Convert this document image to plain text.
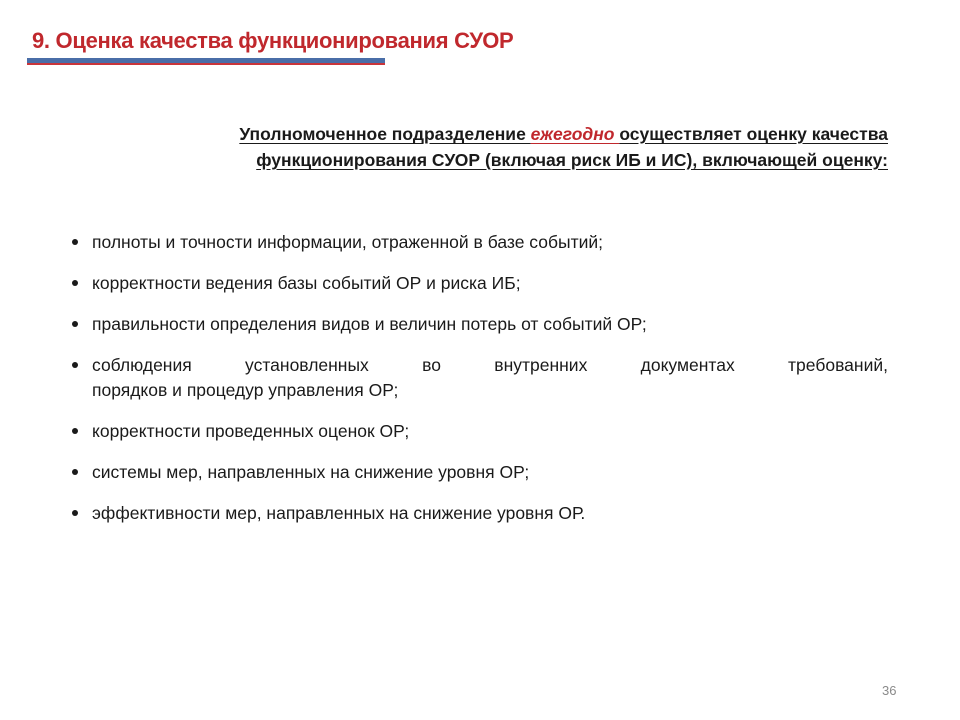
9. Оценка качества функционирования СУОР
Уполномоченное подразделение ежегодно осуществляет оценку качества
функционирования СУОР (включая риск ИБ и ИС), включающей оценку:
полноты и точности информации, отраженной в базе событий;
корректности ведения базы событий ОР и риска ИБ;
правильности определения видов и величин потерь от событий ОР;
соблюдения установленных во внутренних документах требований,
порядков и процедур управления ОР;
корректности проведенных оценок ОР;
системы мер, направленных на снижение уровня ОР;
эффективности мер, направленных на снижение уровня ОР.
36
